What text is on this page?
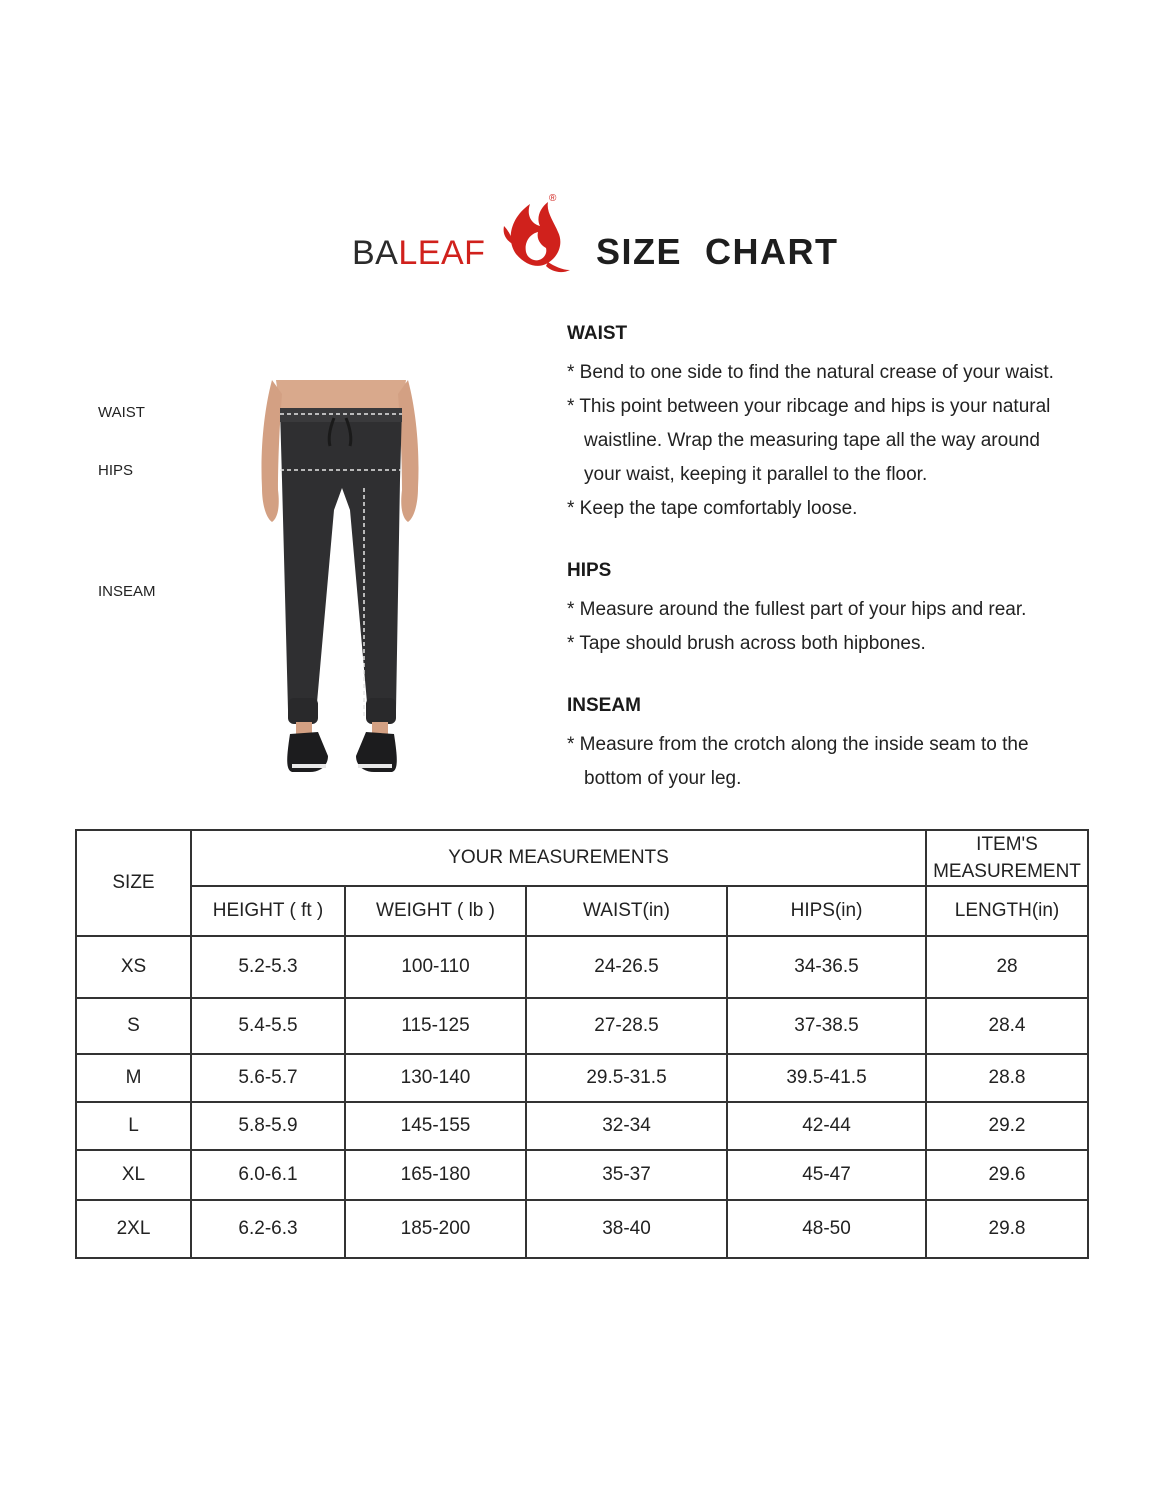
BALEAF
®
SIZE  CHART
WAIST
HIPS
INSEAM
WAIST
* Bend to one side to find the natural crease of your waist.
* This point between your ribcage and hips is your natural
waistline. Wrap the measuring tape all the way around
your waist, keeping it parallel to the floor.
* Keep the tape comfortably loose.
HIPS
* Measure around the fullest part of your hips and rear.
* Tape should brush across both hipbones.
INSEAM
* Measure from the crotch along the inside seam to the
bottom of your leg.
SIZE	YOUR MEASUREMENTS				ITEM'S
MEASUREMENT
	HEIGHT ( ft )	WEIGHT ( lb )	WAIST(in)	HIPS(in)	LENGTH(in)
XS	5.2-5.3	100-110	24-26.5	34-36.5	28
S	5.4-5.5	115-125	27-28.5	37-38.5	28.4
M	5.6-5.7	130-140	29.5-31.5	39.5-41.5	28.8
L	5.8-5.9	145-155	32-34	42-44	29.2
XL	6.0-6.1	165-180	35-37	45-47	29.6
2XL	6.2-6.3	185-200	38-40	48-50	29.8
